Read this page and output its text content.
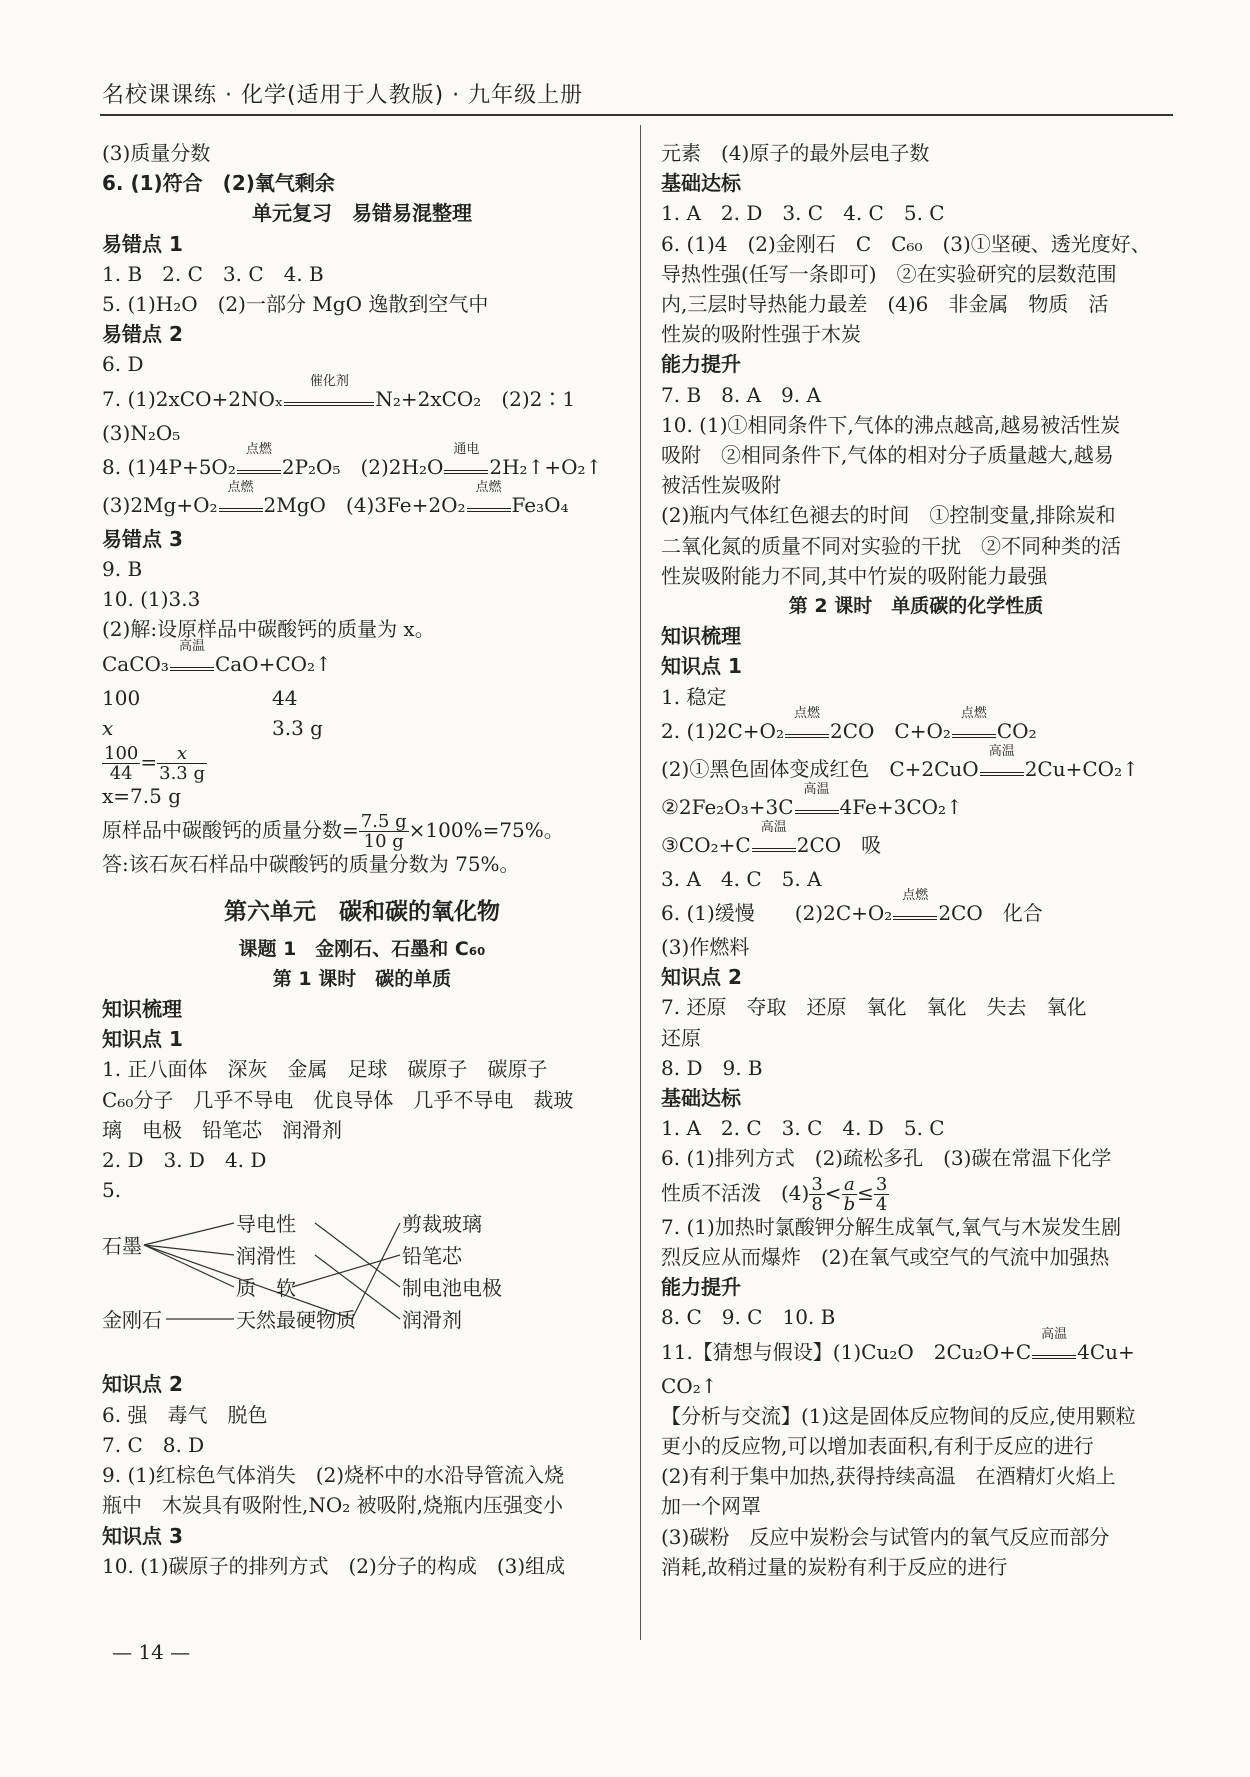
名校课课练 · 化学(适用于人教版) · 九年级上册
(3)质量分数
6. (1)符合　(2)氧气剩余
单元复习　易错易混整理
易错点 1
1. B　2. C　3. C　4. B
5. (1)H₂O　(2)一部分 MgO 逸散到空气中
易错点 2
6. D
7. (1)2xCO+2NOₓ
催化剂
N₂+2xCO₂　(2)2∶1
(3)N₂O₅
8. (1)4P+5O₂
点燃
2P₂O₅　(2)2H₂O
通电
2H₂↑+O₂↑
(3)2Mg+O₂
点燃
2MgO　(4)3Fe+2O₂
点燃
Fe₃O₄
易错点 3
9. B
10. (1)3.3
(2)解:设原样品中碳酸钙的质量为 x。
CaCO₃
高温
CaO+CO₂↑
100	44
x	3.3 g
$\frac{100}{44} = \frac{x}{3.3 g}$
x=7.5 g
原样品中碳酸钙的质量分数= $\frac{7.5 g}{10 g} \times 100\%=75\%$。
答:该石灰石样品中碳酸钙的质量分数为 75%。
第六单元　碳和碳的氧化物
课题 1　金刚石、石墨和 C₆₀
第 1 课时　碳的单质
知识梳理
知识点 1
1. 正八面体　深灰　金属　足球　碳原子　碳原子
C₆₀分子　几乎不导电　优良导体　几乎不导电　裁玻
璃　电极　铅笔芯　润滑剂
2. D　3. D　4. D
5.
石墨
金刚石
导电性
润滑性
质　软
天然最硬物质
剪裁玻璃
铅笔芯
制电池电极
润滑剂
知识点 2
6. 强　毒气　脱色
7. C　8. D
9. (1)红棕色气体消失　(2)烧杯中的水沿导管流入烧
瓶中　木炭具有吸附性,NO₂ 被吸附,烧瓶内压强变小
知识点 3
10. (1)碳原子的排列方式　(2)分子的构成　(3)组成
元素　(4)原子的最外层电子数
基础达标
1. A　2. D　3. C　4. C　5. C
6. (1)4　(2)金刚石　C　C₆₀　(3)①坚硬、透光度好、
导热性强(任写一条即可)　②在实验研究的层数范围
内,三层时导热能力最差　(4)6　非金属　物质　活
性炭的吸附性强于木炭
能力提升
7. B　8. A　9. A
10. (1)①相同条件下,气体的沸点越高,越易被活性炭
吸附　②相同条件下,气体的相对分子质量越大,越易
被活性炭吸附
(2)瓶内气体红色褪去的时间　①控制变量,排除炭和
二氧化氮的质量不同对实验的干扰　②不同种类的活
性炭吸附能力不同,其中竹炭的吸附能力最强
第 2 课时　单质碳的化学性质
知识梳理
知识点 1
1. 稳定
2. (1)2C+O₂
点燃
2CO　C+O₂
点燃
CO₂
(2)①黑色固体变成红色　C+2CuO
高温
2Cu+CO₂↑
②2Fe₂O₃+3C
高温
4Fe+3CO₂↑
③CO₂+C
高温
2CO　吸
3. A　4. C　5. A
6. (1)缓慢　　(2)2C+O₂
点燃
2CO　化合
(3)作燃料
知识点 2
7. 还原　夺取　还原　氧化　氧化　失去　氧化
还原
8. D　9. B
基础达标
1. A　2. C　3. C　4. D　5. C
6. (1)排列方式　(2)疏松多孔　(3)碳在常温下化学
性质不活泼　$(4) \frac{3}{8} < \frac{a}{b} \le \frac{3}{4}$
7. (1)加热时氯酸钾分解生成氧气,氧气与木炭发生剧
烈反应从而爆炸　(2)在氧气或空气的气流中加强热
能力提升
8. C　9. C　10. B
11.【猜想与假设】(1)Cu₂O　2Cu₂O+C
高温
4Cu+
CO₂↑
【分析与交流】(1)这是固体反应物间的反应,使用颗粒
更小的反应物,可以增加表面积,有利于反应的进行
(2)有利于集中加热,获得持续高温　在酒精灯火焰上
加一个网罩
(3)碳粉　反应中炭粉会与试管内的氧气反应而部分
消耗,故稍过量的炭粉有利于反应的进行
— 14 —
